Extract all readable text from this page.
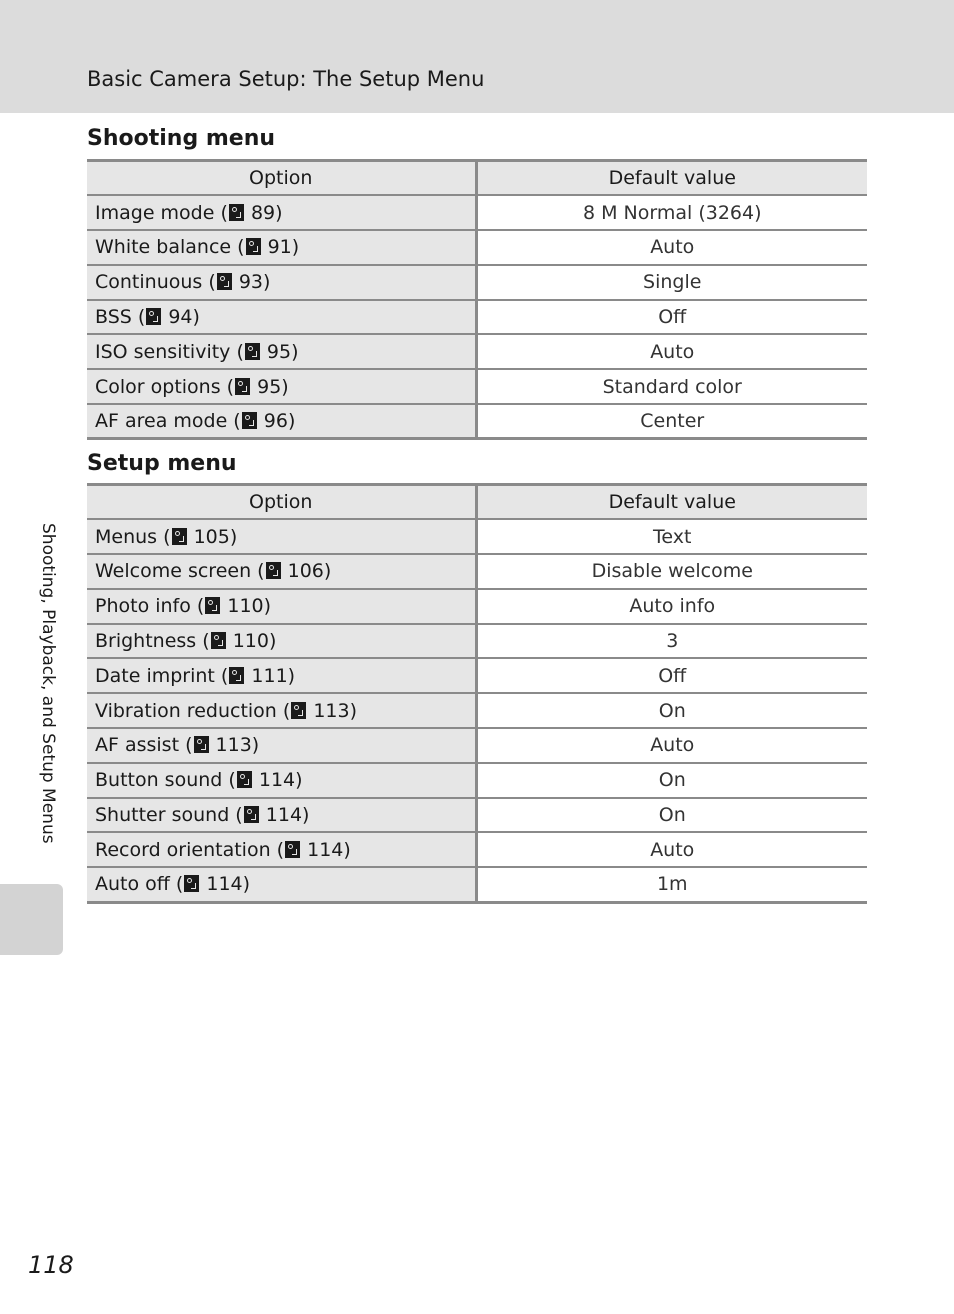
Basic Camera Setup: The Setup Menu
Shooting menu
Option	Default value
Image mode ( 89)	8 M Normal (3264)
White balance ( 91)	Auto
Continuous ( 93)	Single
BSS ( 94)	Off
ISO sensitivity ( 95)	Auto
Color options ( 95)	Standard color
AF area mode ( 96)	Center
Setup menu
Option	Default value
Menus ( 105)	Text
Welcome screen ( 106)	Disable welcome
Photo info ( 110)	Auto info
Brightness ( 110)	3
Date imprint ( 111)	Off
Vibration reduction ( 113)	On
AF assist ( 113)	Auto
Button sound ( 114)	On
Shutter sound ( 114)	On
Record orientation ( 114)	Auto
Auto off ( 114)	1m
Shooting, Playback, and Setup Menus
118
